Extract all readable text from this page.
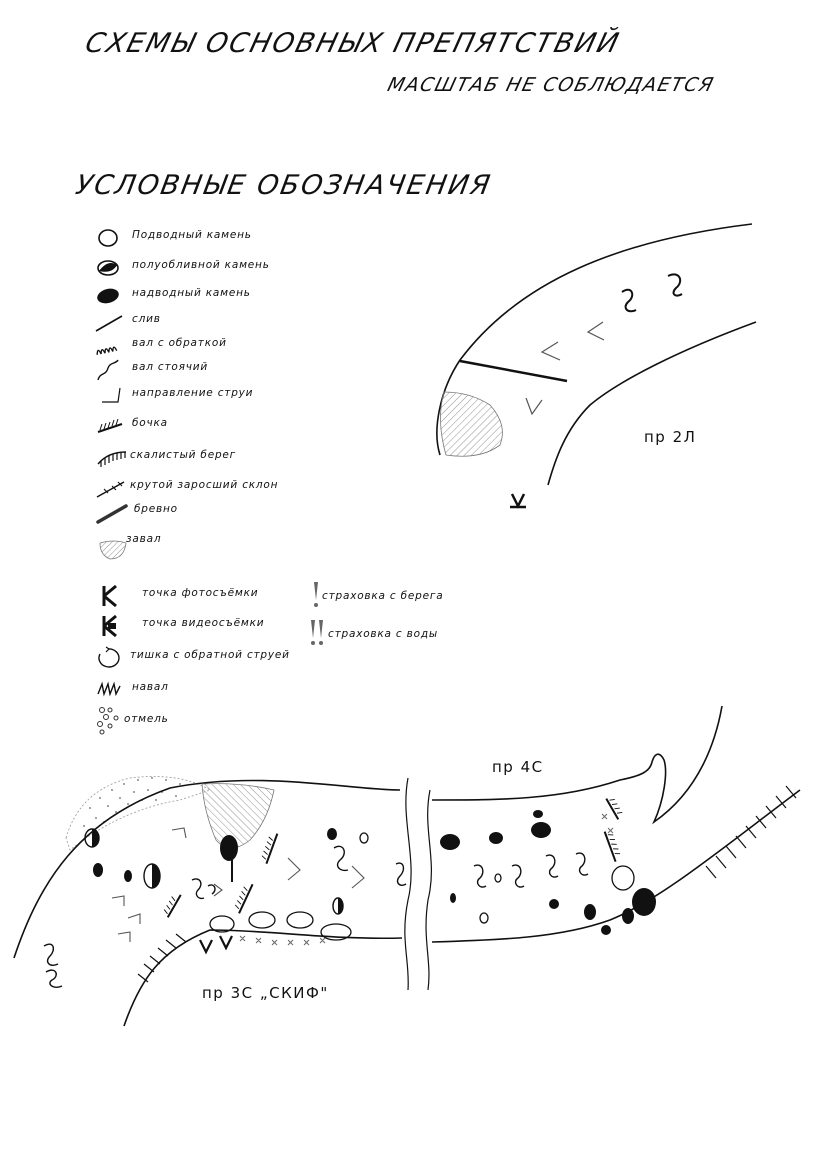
СХЕМЫ ОСНОВНЫХ ПРЕПЯТСТВИЙ
МАСШТАБ НЕ СОБЛЮДАЕТСЯ
УСЛОВНЫЕ ОБОЗНАЧЕНИЯ
Подводный камень
полуобливной камень
надводный камень
слив
вал с обраткой
вал стоячий
направление струи
бочка
скалистый берег
крутой заросший склон
бревно
завал
точка фотосъёмки
точка видеосъёмки
тишка с обратной струей
навал
отмель
страховка с берега
страховка с воды
пр 2Л
пр 4С
пр 3С „СКИФ"
